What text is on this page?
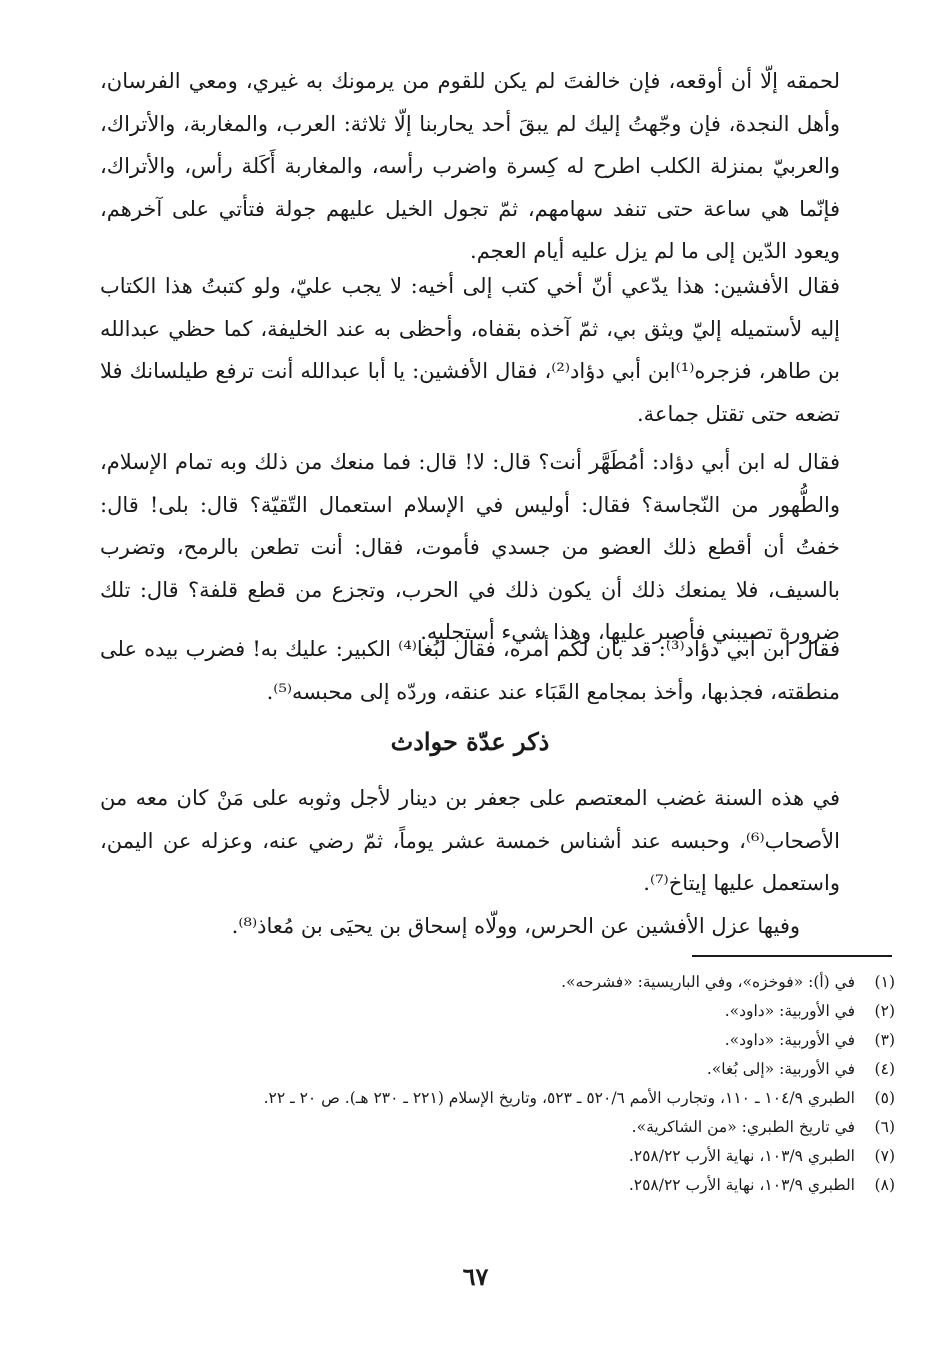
لحمقه إلّا أن أوقعه، فإن خالفتَ لم يكن للقوم من يرمونك به غيري، ومعي الفرسان، وأهل النجدة، فإن وجّهتُ إليك لم يبقَ أحد يحاربنا إلّا ثلاثة: العرب، والمغاربة، والأتراك، والعربيّ بمنزلة الكلب اطرح له كِسرة واضرب رأسه، والمغاربة أَكَلة رأس، والأتراك، فإنّما هي ساعة حتى تنفد سهامهم، ثمّ تجول الخيل عليهم جولة فتأتي على آخرهم، ويعود الدّين إلى ما لم يزل عليه أيام العجم.

فقال الأفشين: هذا يدّعي أنّ أخي كتب إلى أخيه: لا يجب عليّ، ولو كتبتُ هذا الكتاب إليه لأستميله إليّ ويثق بي، ثمّ آخذه بقفاه، وأحظى به عند الخليفة، كما حظي عبدالله بن طاهر، فزجره⁽¹⁾ابن أبي دؤاد⁽²⁾، فقال الأفشين: يا أبا عبدالله أنت ترفع طيلسانك فلا تضعه حتى تقتل جماعة.

فقال له ابن أبي دؤاد: أمُطَهَّر أنت؟ قال: لا! قال: فما منعك من ذلك وبه تمام الإسلام، والطُّهور من النّجاسة؟ فقال: أوليس في الإسلام استعمال التّقيّة؟ قال: بلى! قال: خفتُ أن أقطع ذلك العضو من جسدي فأموت، فقال: أنت تطعن بالرمح، وتضرب بالسيف، فلا يمنعك ذلك أن يكون ذلك في الحرب، وتجزع من قطع قلفة؟ قال: تلك ضرورة تصيبني فأصبر عليها، وهذا شيء أستجلبه.

فقال ابن أبي دؤاد⁽³⁾: قد بان لكم أمره، فقال لبُغا⁽⁴⁾ الكبير: عليك به! فضرب بيده على منطقته، فجذبها، وأخذ بمجامع القَبَاء عند عنقه، وردّه إلى محبسه⁽⁵⁾.

ذكر عدّة حوادث

في هذه السنة غضب المعتصم على جعفر بن دينار لأجل وثوبه على مَنْ كان معه من الأصحاب⁽⁶⁾، وحبسه عند أشناس خمسة عشر يوماً، ثمّ رضي عنه، وعزله عن اليمن، واستعمل عليها إيتاخ⁽⁷⁾.

وفيها عزل الأفشين عن الحرس، وولّاه إسحاق بن يحيَى بن مُعاذ⁽⁸⁾.

(١)
في (أ): «فوخزه»، وفي الباريسية: «فشرحه».
(٢)
في الأوربية: «داود».
(٣)
في الأوربية: «داود».
(٤)
في الأوربية: «إلى بُغا».
(٥)
الطبري ١٠٤/٩ ـ ١١٠، وتجارب الأمم ٥٢٠/٦ ـ ٥٢٣، وتاريخ الإسلام (٢٢١ ـ ٢٣٠ هـ). ص ٢٠ ـ ٢٢.
(٦)
في تاريخ الطبري: «من الشاكرية».
(٧)
الطبري ١٠٣/٩، نهاية الأرب ٢٥٨/٢٢.
(٨)
الطبري ١٠٣/٩، نهاية الأرب ٢٥٨/٢٢.

٦٧
